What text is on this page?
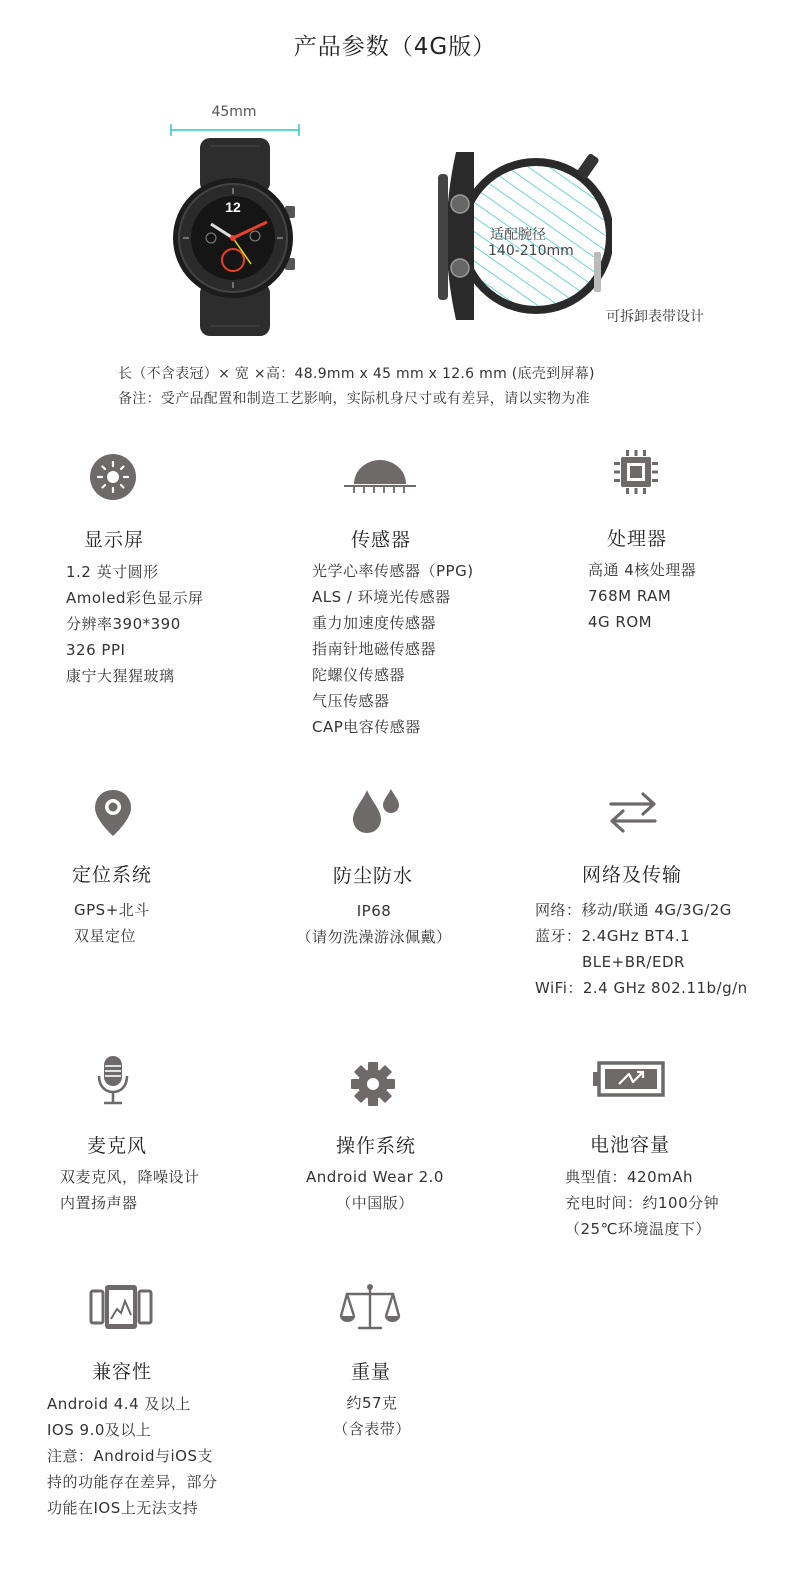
产品参数（4G版）
45mm
12
适配腕径
140-210mm
可拆卸表带设计
长（不含表冠）× 宽 ×高：48.9mm x 45 mm x 12.6 mm (底壳到屏幕)
备注：受产品配置和制造工艺影响，实际机身尺寸或有差异，请以实物为准
显示屏
1.2 英寸圆形
Amoled彩色显示屏
分辨率390*390
326 PPI
康宁大猩猩玻璃
传感器
光学心率传感器（PPG)
ALS / 环境光传感器
重力加速度传感器
指南针地磁传感器
陀螺仪传感器
气压传感器
CAP电容传感器
处理器
高通 4核处理器
768M RAM
4G ROM
定位系统
GPS+北斗
双星定位
防尘防水
IP68
（请勿洗澡游泳佩戴）
网络及传输
网络：移动/联通 4G/3G/2G
蓝牙：2.4GHz BT4.1
BLE+BR/EDR
WiFi：2.4 GHz 802.11b/g/n
麦克风
双麦克风，降噪设计
内置扬声器
操作系统
Android Wear 2.0
（中国版）
电池容量
典型值：420mAh
充电时间：约100分钟
（25℃环境温度下）
兼容性
Android 4.4 及以上
IOS 9.0及以上
注意：Android与iOS支
持的功能存在差异，部分
功能在IOS上无法支持
重量
约57克
（含表带）
